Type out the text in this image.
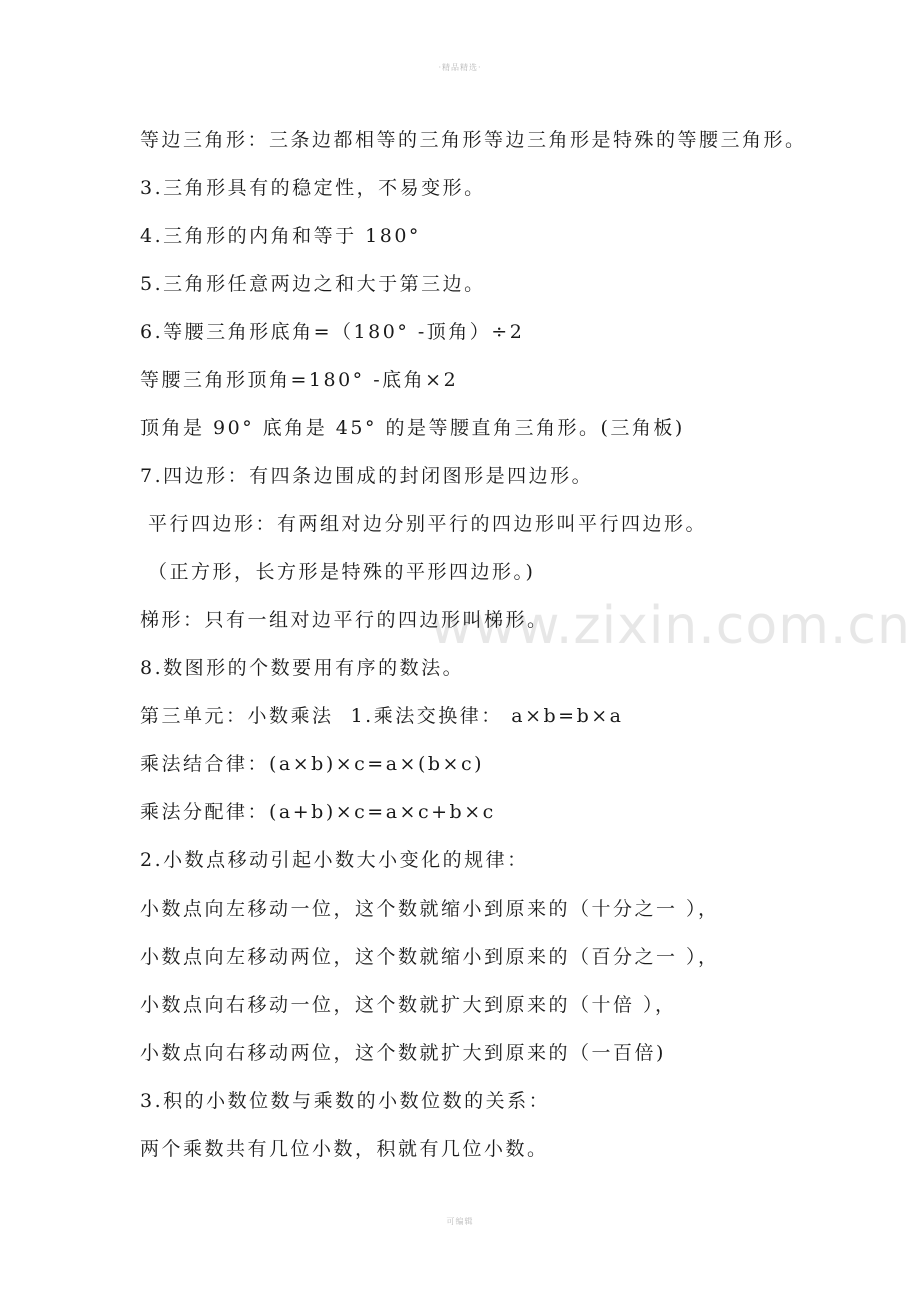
·精品精选·
www.zixin.com.cn
等边三角形：三条边都相等的三角形等边三角形是特殊的等腰三角形。
3.三角形具有的稳定性，不易变形。
4.三角形的内角和等于 180°
5.三角形任意两边之和大于第三边。
6.等腰三角形底角=（180° -顶角）÷2
等腰三角形顶角=180° -底角×2
顶角是 90° 底角是 45° 的是等腰直角三角形。(三角板)
7.四边形：有四条边围成的封闭图形是四边形。
平行四边形：有两组对边分别平行的四边形叫平行四边形。
（正方形，长方形是特殊的平形四边形。)
梯形：只有一组对边平行的四边形叫梯形。
8.数图形的个数要用有序的数法。
第三单元：小数乘法  1.乘法交换律： a×b=b×a
乘法结合律：(a×b)×c=a×(b×c)
乘法分配律：(a+b)×c=a×c+b×c
2.小数点移动引起小数大小变化的规律：
小数点向左移动一位，这个数就缩小到原来的（十分之一 ），
小数点向左移动两位，这个数就缩小到原来的（百分之一 ），
小数点向右移动一位，这个数就扩大到原来的（十倍 ），
小数点向右移动两位，这个数就扩大到原来的（一百倍)
3.积的小数位数与乘数的小数位数的关系：
两个乘数共有几位小数，积就有几位小数。
可编辑
